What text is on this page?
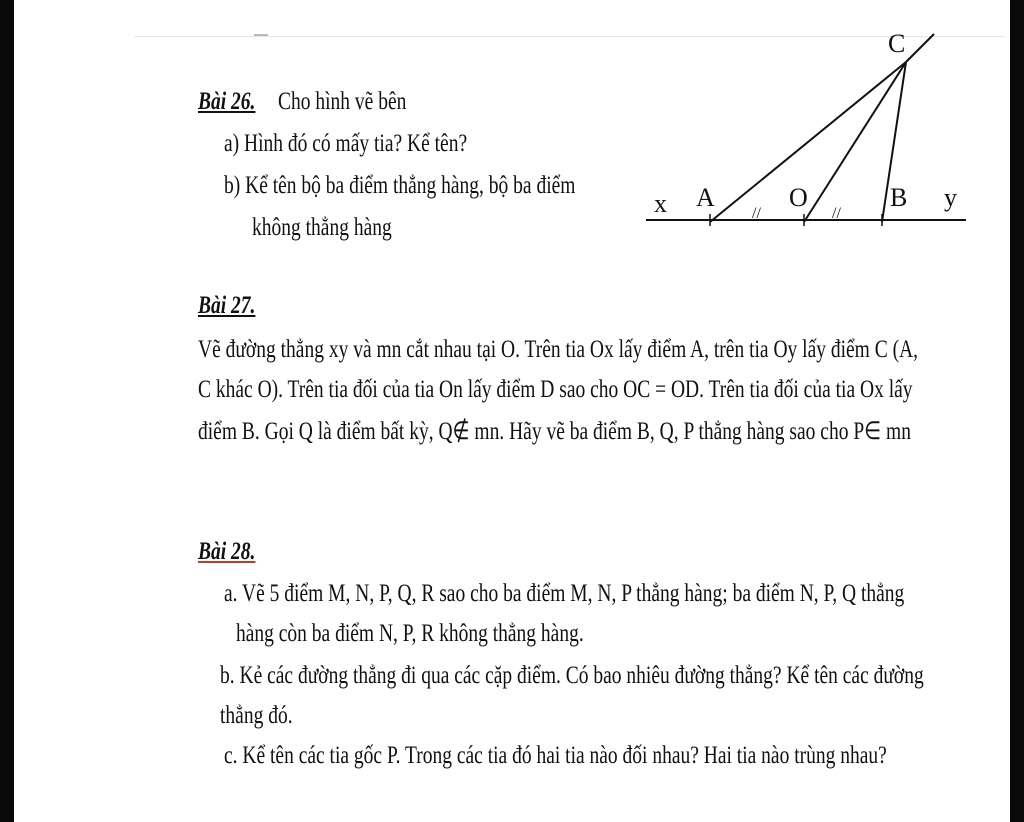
Bài 26. Cho hình vẽ bên
a) Hình đó có mấy tia? Kể tên?
b) Kể tên bộ ba điểm thẳng hàng, bộ ba điểm
không thẳng hàng
//	//
x A	O	B y
C
Bài 27.
Vẽ đường thẳng xy và mn cắt nhau tại O. Trên tia Ox lấy điểm A, trên tia Oy lấy điểm C (A,
C khác O). Trên tia đối của tia On lấy điểm D sao cho OC = OD. Trên tia đối của tia Ox lấy
điểm B. Gọi Q là điểm bất kỳ, Q∉ mn. Hãy vẽ ba điểm B, Q, P thẳng hàng sao cho P∈ mn
Bài 28.
a. Vẽ 5 điểm M, N, P, Q, R sao cho ba điểm M, N, P thẳng hàng; ba điểm N, P, Q thẳng
hàng còn ba điểm N, P, R không thẳng hàng.
b. Kẻ các đường thẳng đi qua các cặp điểm. Có bao nhiêu đường thẳng? Kể tên các đường
thẳng đó.
c. Kể tên các tia gốc P. Trong các tia đó hai tia nào đối nhau? Hai tia nào trùng nhau?
